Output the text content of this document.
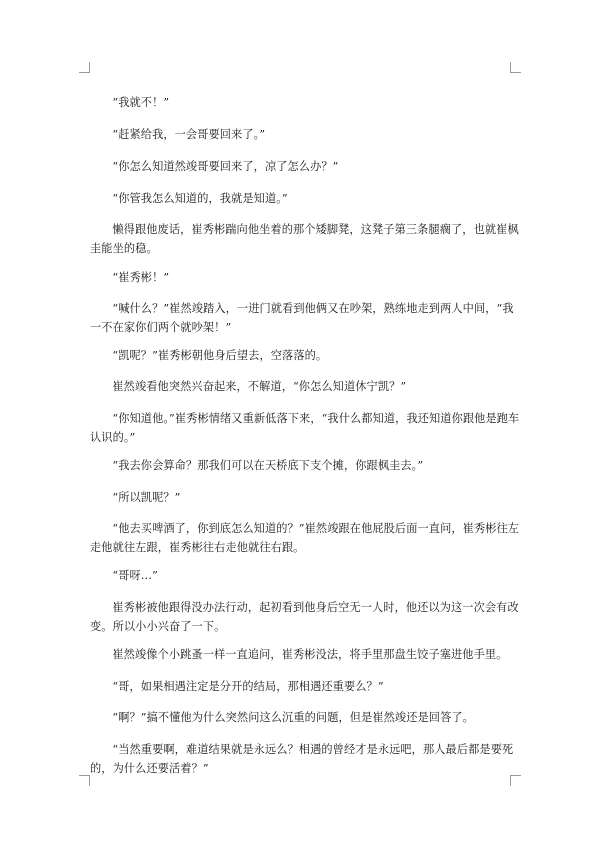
“我就不！”

“赶紧给我，一会哥要回来了。”

“你怎么知道然竣哥要回来了，凉了怎么办？”

“你管我怎么知道的，我就是知道。”

懒得跟他废话，崔秀彬踹向他坐着的那个矮脚凳，这凳子第三条腿瘸了，也就崔枫圭能坐的稳。

“崔秀彬！”

“喊什么？”崔然竣踏入，一进门就看到他俩又在吵架，熟练地走到两人中间，“我一不在家你们两个就吵架！”

“凯呢？”崔秀彬朝他身后望去，空落落的。

崔然竣看他突然兴奋起来，不解道，“你怎么知道休宁凯？”

“你知道他。”崔秀彬情绪又重新低落下来，“我什么都知道，我还知道你跟他是跑车认识的。”

“我去你会算命？那我们可以在天桥底下支个摊，你跟枫圭去。”

“所以凯呢？”

“他去买啤酒了，你到底怎么知道的？”崔然竣跟在他屁股后面一直问，崔秀彬往左走他就往左跟，崔秀彬往右走他就往右跟。

“哥呀…”

崔秀彬被他跟得没办法行动，起初看到他身后空无一人时，他还以为这一次会有改变。所以小小兴奋了一下。

崔然竣像个小跳蚤一样一直追问，崔秀彬没法，将手里那盘生饺子塞进他手里。

“哥，如果相遇注定是分开的结局，那相遇还重要么？”

“啊？”搞不懂他为什么突然问这么沉重的问题，但是崔然竣还是回答了。

“当然重要啊，难道结果就是永远么？相遇的曾经才是永远吧，那人最后都是要死的，为什么还要活着？”
